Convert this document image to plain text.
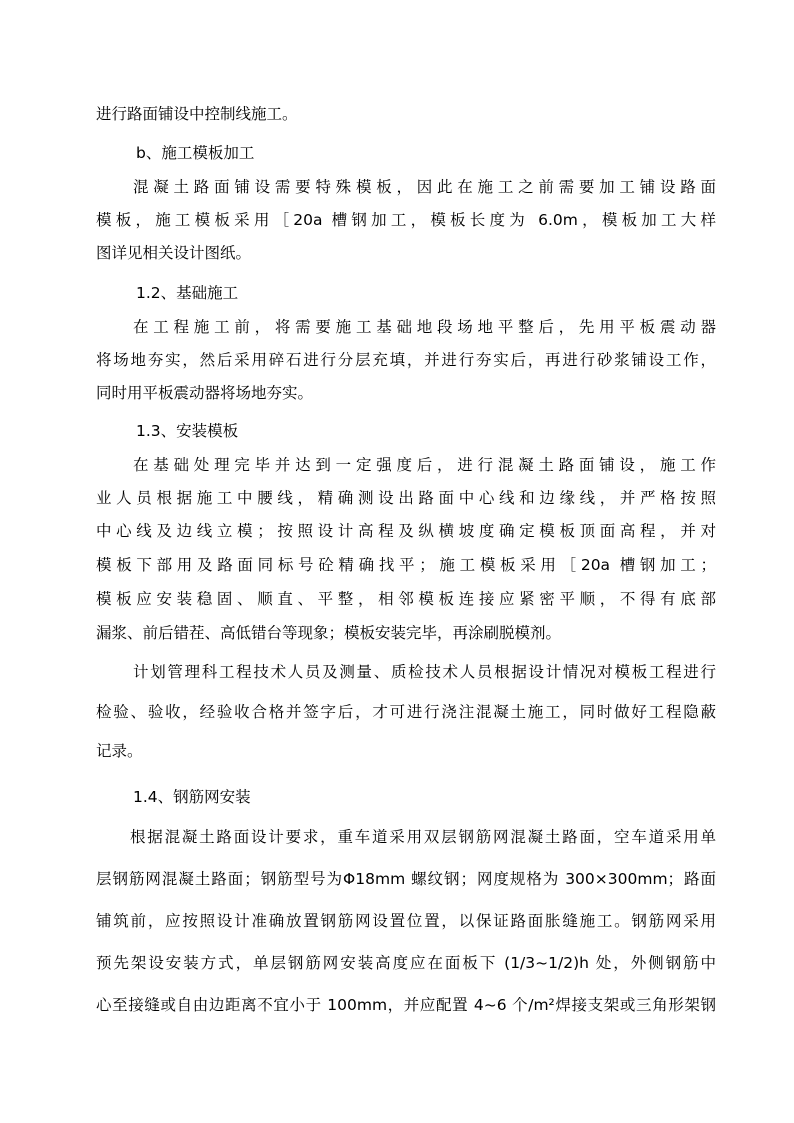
进行路面铺设中控制线施工。
b、施工模板加工
混凝土路面铺设需要特殊模板，因此在施工之前需要加工铺设路面
模板，施工模板采用［20a 槽钢加工，模板长度为 6.0m，模板加工大样
图详见相关设计图纸。
1.2、基础施工
在工程施工前，将需要施工基础地段场地平整后，先用平板震动器
将场地夯实，然后采用碎石进行分层充填，并进行夯实后，再进行砂浆铺设工作，
同时用平板震动器将场地夯实。
1.3、安装模板
在基础处理完毕并达到一定强度后，进行混凝土路面铺设，施工作
业人员根据施工中腰线，精确测设出路面中心线和边缘线，并严格按照
中心线及边线立模；按照设计高程及纵横坡度确定模板顶面高程，并对
模板下部用及路面同标号砼精确找平；施工模板采用［20a 槽钢加工；
模板应安装稳固、顺直、平整，相邻模板连接应紧密平顺，不得有底部
漏浆、前后错茬、高低错台等现象；模板安装完毕，再涂刷脱模剂。
计划管理科工程技术人员及测量、质检技术人员根据设计情况对模板工程进行
检验、验收，经验收合格并签字后，才可进行浇注混凝土施工，同时做好工程隐蔽
记录。
1.4、钢筋网安装
根据混凝土路面设计要求，重车道采用双层钢筋网混凝土路面，空车道采用单
层钢筋网混凝土路面；钢筋型号为Φ18mm 螺纹钢；网度规格为 300×300mm；路面
铺筑前，应按照设计准确放置钢筋网设置位置，以保证路面胀缝施工。钢筋网采用
预先架设安装方式，单层钢筋网安装高度应在面板下 (1/3~1/2)h 处，外侧钢筋中
心至接缝或自由边距离不宜小于 100mm，并应配置 4~6 个/m²焊接支架或三角形架钢
